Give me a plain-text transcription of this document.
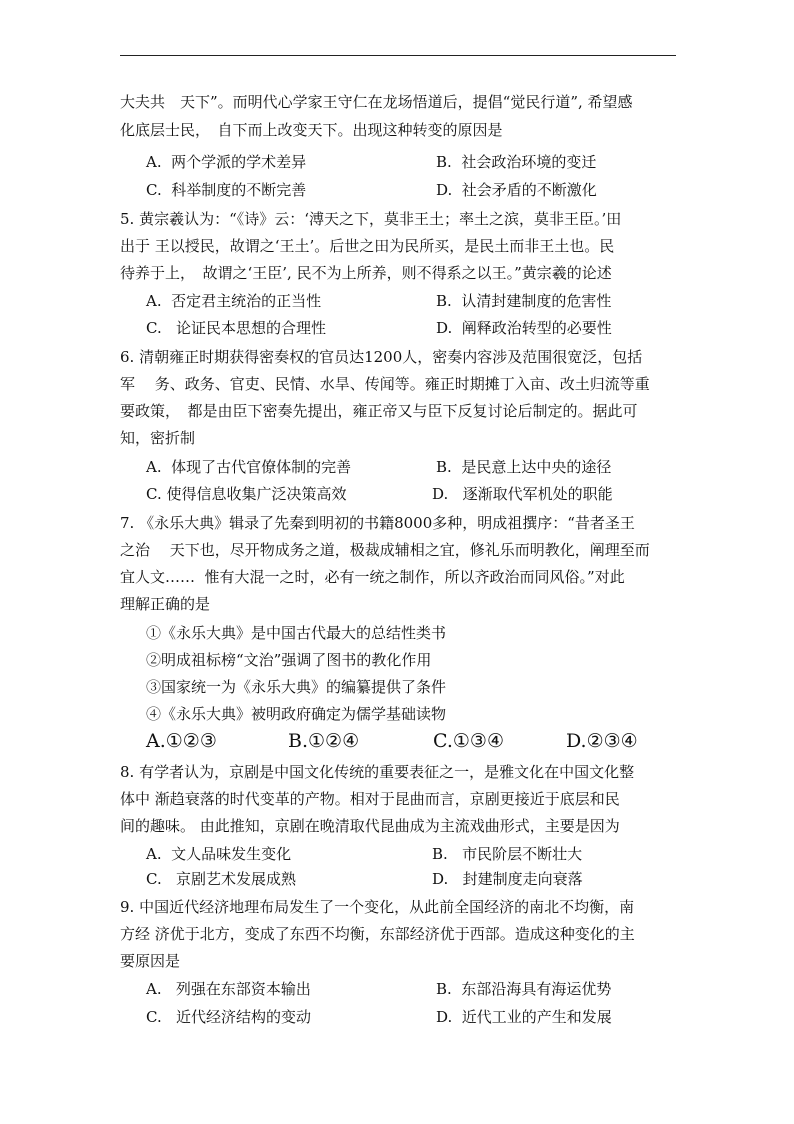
大夫共　天下”。而明代心学家王守仁在龙场悟道后，提倡“觉民行道”, 希望感
化底层士民，　自下而上改变天下。出现这种转变的原因是
A.  两个学派的学术差异	B.  社会政治环境的变迁
C.  科举制度的不断完善	D.  社会矛盾的不断激化
5. 黄宗羲认为：“《诗》云：‘溥天之下，莫非王土；率土之滨，莫非王臣。’田
出于 王以授民，故谓之‘王土’。后世之田为民所买，是民土而非王土也。民
待养于上，　故谓之‘王臣’, 民不为上所养，则不得系之以王。”黄宗羲的论述
A.  否定君主统治的正当性	B.  认清封建制度的危害性
C.   论证民本思想的合理性	D.  阐释政治转型的必要性
6. 清朝雍正时期获得密奏权的官员达1200人，密奏内容涉及范围很宽泛，包括
军　 务、政务、官吏、民情、水旱、传闻等。雍正时期摊丁入亩、改土归流等重
要政策，　都是由臣下密奏先提出，雍正帝又与臣下反复讨论后制定的。据此可
知，密折制
A.  体现了古代官僚体制的完善	B.  是民意上达中央的途径
C. 使得信息收集广泛决策高效	D.   逐渐取代军机处的职能
7. 《永乐大典》辑录了先秦到明初的书籍8000多种，明成祖撰序：“昔者圣王
之治　 天下也，尽开物成务之道，极裁成辅相之宜，修礼乐而明教化，阐理至而
宜人文……  惟有大混一之时，必有一统之制作，所以齐政治而同风俗。”对此
理解正确的是
①《永乐大典》是中国古代最大的总结性类书
②明成祖标榜“文治”强调了图书的教化作用
③国家统一为《永乐大典》的编纂提供了条件
④《永乐大典》被明政府确定为儒学基础读物
A.①②③	B.①②④	C.①③④	D.②③④
8. 有学者认为，京剧是中国文化传统的重要表征之一，是雅文化在中国文化整
体中 渐趋衰落的时代变革的产物。相对于昆曲而言，京剧更接近于底层和民
间的趣味。 由此推知，京剧在晚清取代昆曲成为主流戏曲形式，主要是因为
A.  文人品味发生变化	B.   市民阶层不断壮大
C.   京剧艺术发展成熟	D.   封建制度走向衰落
9. 中国近代经济地理布局发生了一个变化，从此前全国经济的南北不均衡，南
方经 济优于北方，变成了东西不均衡，东部经济优于西部。造成这种变化的主
要原因是
A.   列强在东部资本输出	B.  东部沿海具有海运优势
C.   近代经济结构的变动	D.  近代工业的产生和发展
